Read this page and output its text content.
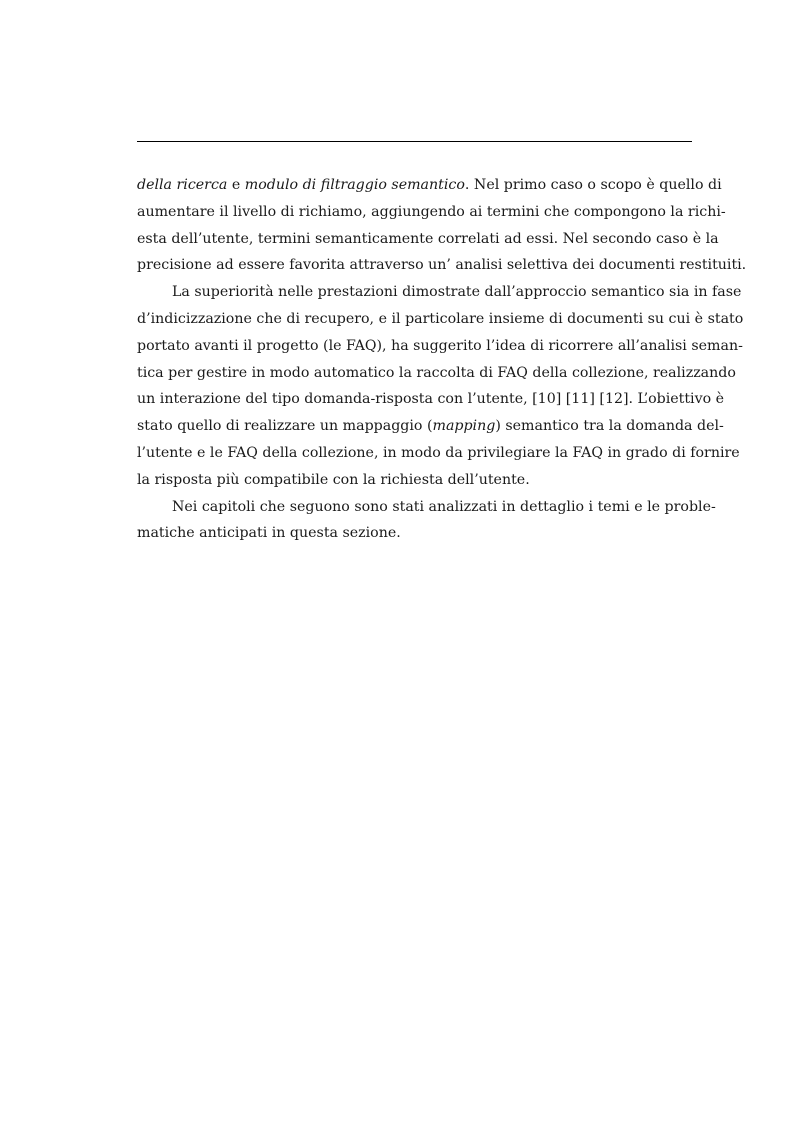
della ricerca e modulo di filtraggio semantico. Nel primo caso o scopo è quello di
aumentare il livello di richiamo, aggiungendo ai termini che compongono la richi-
esta dell’utente, termini semanticamente correlati ad essi. Nel secondo caso è la
precisione ad essere favorita attraverso un’ analisi selettiva dei documenti restituiti.
La superiorità nelle prestazioni dimostrate dall’approccio semantico sia in fase
d’indicizzazione che di recupero, e il particolare insieme di documenti su cui è stato
portato avanti il progetto (le FAQ), ha suggerito l’idea di ricorrere all’analisi seman-
tica per gestire in modo automatico la raccolta di FAQ della collezione, realizzando
un interazione del tipo domanda-risposta con l’utente, [10] [11] [12]. L’obiettivo è
stato quello di realizzare un mappaggio (mapping) semantico tra la domanda del-
l’utente e le FAQ della collezione, in modo da privilegiare la FAQ in grado di fornire
la risposta più compatibile con la richiesta dell’utente.
Nei capitoli che seguono sono stati analizzati in dettaglio i temi e le proble-
matiche anticipati in questa sezione.
